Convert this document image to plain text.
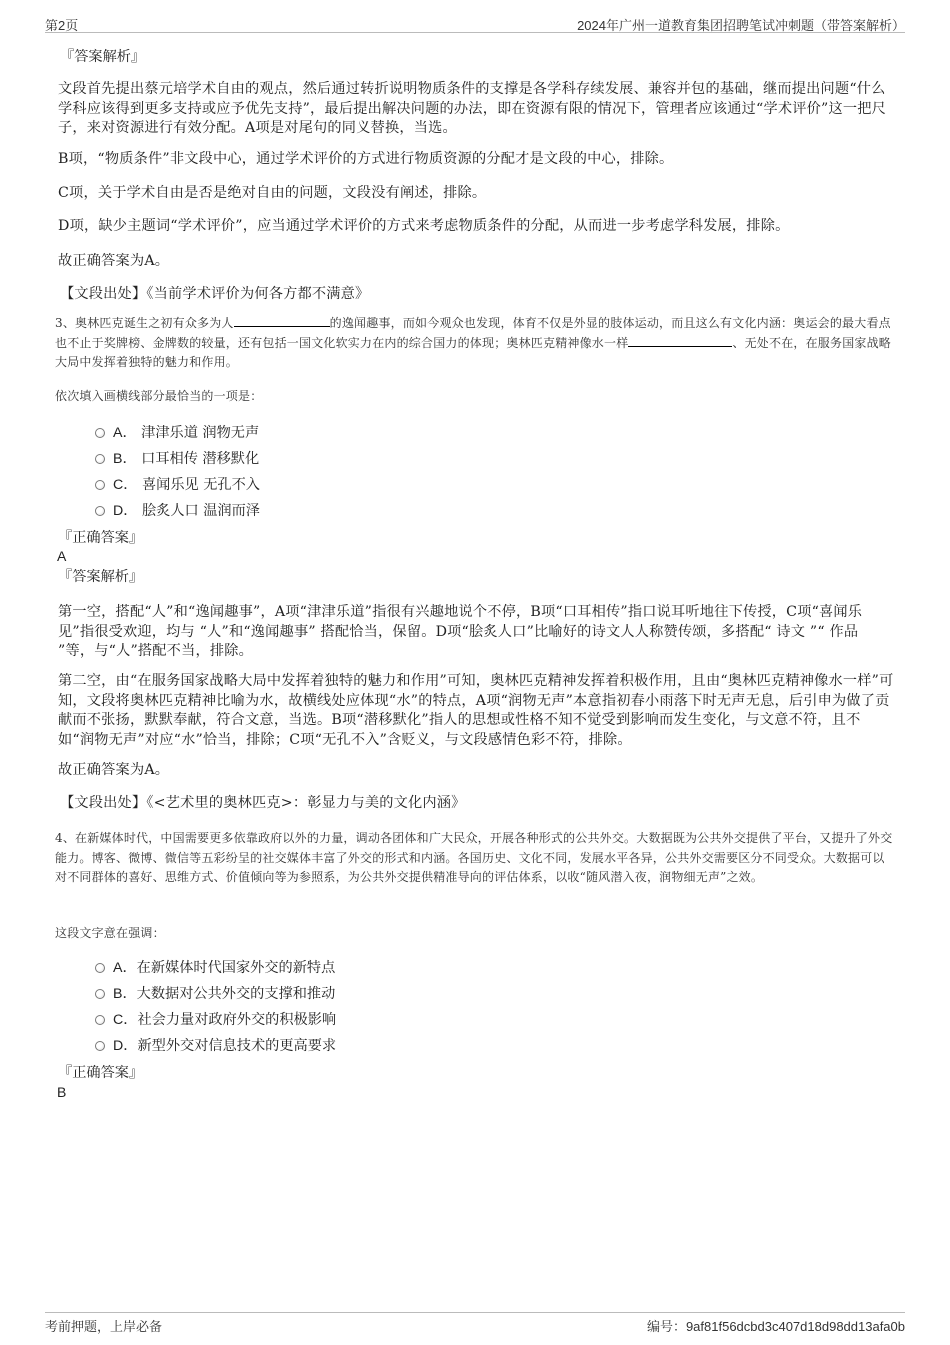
第2页	2024年广州一道教育集团招聘笔试冲刺题（带答案解析）
『答案解析』
文段首先提出蔡元培学术自由的观点，然后通过转折说明物质条件的支撑是各学科存续发展、兼容并包的基础，继而提出问题“什么学科应该得到更多支持或应予优先支持”，最后提出解决问题的办法，即在资源有限的情况下，管理者应该通过“学术评价”这一把尺子，来对资源进行有效分配。A项是对尾句的同义替换，当选。
B项，“物质条件”非文段中心，通过学术评价的方式进行物质资源的分配才是文段的中心，排除。
C项，关于学术自由是否是绝对自由的问题，文段没有阐述，排除。
D项，缺少主题词“学术评价”，应当通过学术评价的方式来考虑物质条件的分配，从而进一步考虑学科发展，排除。
故正确答案为A。
【文段出处】《当前学术评价为何各方都不满意》
3、奥林匹克诞生之初有众多为人	的逸闻趣事，而如今观众也发现，体育不仅是外显的肢体运动，而且这么有文化内涵：奥运会的最大看点也不止于奖牌榜、金牌数的较量，还有包括一国文化软实力在内的综合国力的体现；奥林匹克精神像水一样	、无处不在，在服务国家战略大局中发挥着独特的魅力和作用。
依次填入画横线部分最恰当的一项是：
A． 津津乐道 润物无声
B． 口耳相传 潜移默化
C． 喜闻乐见 无孔不入
D． 脍炙人口 温润而泽
『正确答案』
A
『答案解析』
第一空，搭配“人”和“逸闻趣事”，A项“津津乐道”指很有兴趣地说个不停，B项“口耳相传”指口说耳听地往下传授，C项“喜闻乐见”指很受欢迎，均与 “人”和“逸闻趣事” 搭配恰当，保留。D项“脍炙人口”比喻好的诗文人人称赞传颂，多搭配“ 诗文 ”“ 作品 ”等，与“人”搭配不当，排除。
第二空，由“在服务国家战略大局中发挥着独特的魅力和作用”可知，奥林匹克精神发挥着积极作用，且由“奥林匹克精神像水一样”可知，文段将奥林匹克精神比喻为水，故横线处应体现“水”的特点，A项“润物无声”本意指初春小雨落下时无声无息，后引申为做了贡献而不张扬，默默奉献，符合文意，当选。B项“潜移默化”指人的思想或性格不知不觉受到影响而发生变化，与文意不符，且不如“润物无声”对应“水”恰当，排除；C项“无孔不入”含贬义，与文段感情色彩不符，排除。
故正确答案为A。
【文段出处】《<艺术里的奥林匹克>：彰显力与美的文化内涵》
4、在新媒体时代，中国需要更多依靠政府以外的力量，调动各团体和广大民众，开展各种形式的公共外交。大数据既为公共外交提供了平台，又提升了外交能力。博客、微博、微信等五彩纷呈的社交媒体丰富了外交的形式和内涵。各国历史、文化不同，发展水平各异，公共外交需要区分不同受众。大数据可以对不同群体的喜好、思维方式、价值倾向等为参照系，为公共外交提供精准导向的评估体系，以收“随风潜入夜，润物细无声”之效。
这段文字意在强调：
A．在新媒体时代国家外交的新特点
B．大数据对公共外交的支撑和推动
C．社会力量对政府外交的积极影响
D．新型外交对信息技术的更高要求
『正确答案』
B
考前押题，上岸必备	编号：9af81f56dcbd3c407d18d98dd13afa0b
